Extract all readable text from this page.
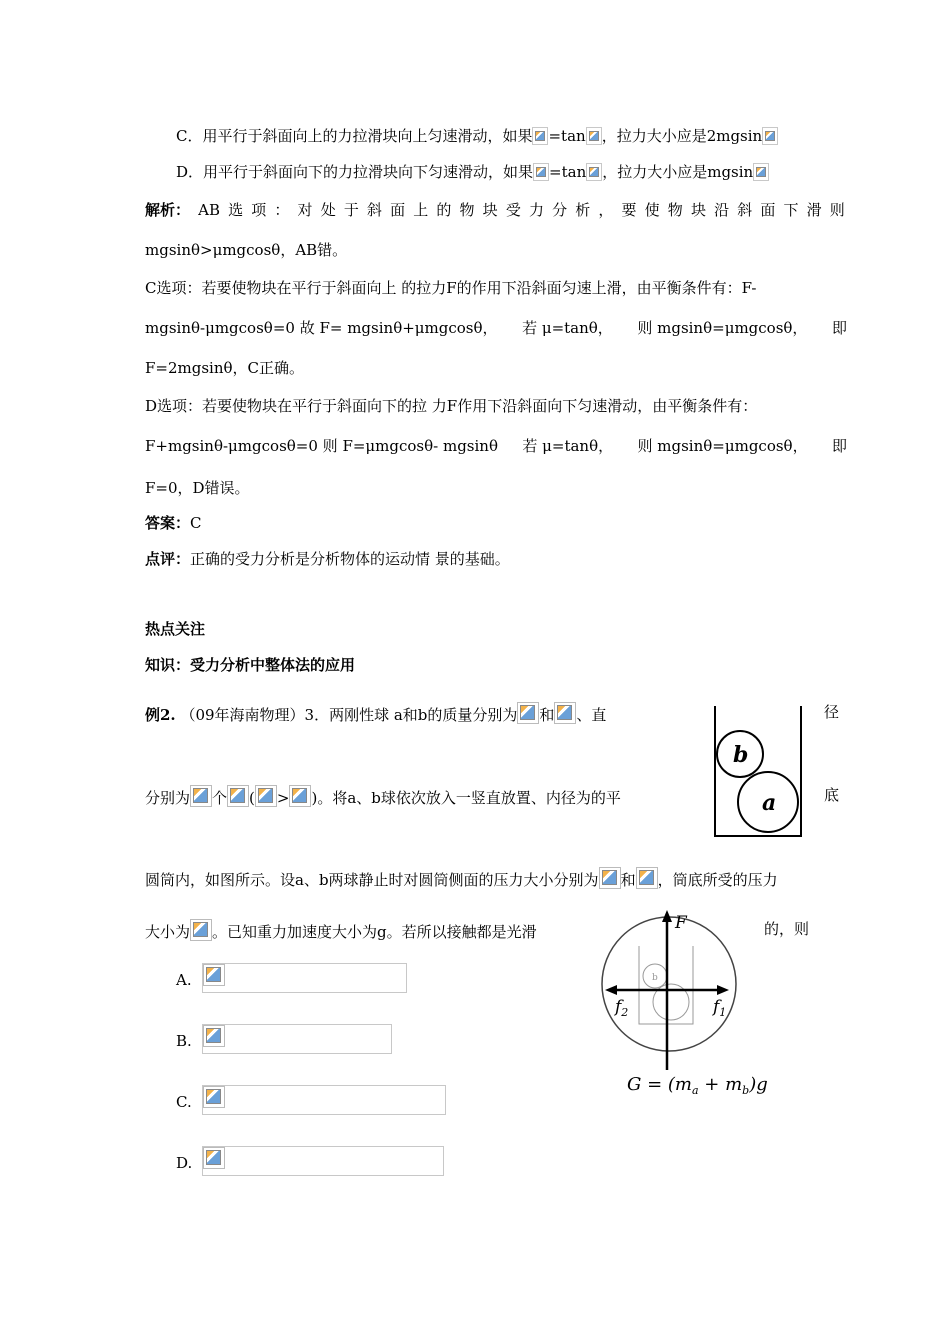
C．用平行于斜面向上的力拉滑块向上匀速滑动，如果 =tan ，拉力大小应是2mgsin
D．用平行于斜面向下的力拉滑块向下匀速滑动，如果 =tan ，拉力大小应是mgsin
解析： AB 选 项 ： 对 处 于 斜 面 上 的 物 块 受 力 分 析 ， 要 使 物 块 沿 斜 面 下 滑 则
mgsinθ>μmgcosθ，AB错。
C选项：若要使物块在平行于斜面向上 的拉力F的作用下沿斜面匀速上滑，由平衡条件有：F-
mgsinθ-μmgcosθ=0 故 F= mgsinθ+μmgcosθ， 若 μ=tanθ， 则 mgsinθ=μmgcosθ， 即
F=2mgsinθ，C正确。
D选项：若要使物块在平行于斜面向下的拉 力F作用下沿斜面向下匀速滑动，由平衡条件有：
F+mgsinθ-μmgcosθ=0 则 F=μmgcosθ- mgsinθ 若 μ=tanθ， 则 mgsinθ=μmgcosθ， 即
F=0，D错误。
答案：C
点评：正确的受力分析是分析物体的运动情 景的基础。
热点关注
知识：受力分析中整体法的应用
例2. （09年海南物理）3．两刚性球 a和b的质量分别为 和 、直	径
分别为 个 ( > )。将a、b球依次放入一竖直放置、内径为的平	底
圆筒内，如图所示。设a、b两球静止时对圆筒侧面的压力大小分别为 和 ，筒底所受的压力
大小为 。已知重力加速度大小为g。若所以接触都是光滑	的，则
A.
B.
C.
D.
b
a
b
F
$f_2$	$f_1$
$G = (m_a + m_b)g$
